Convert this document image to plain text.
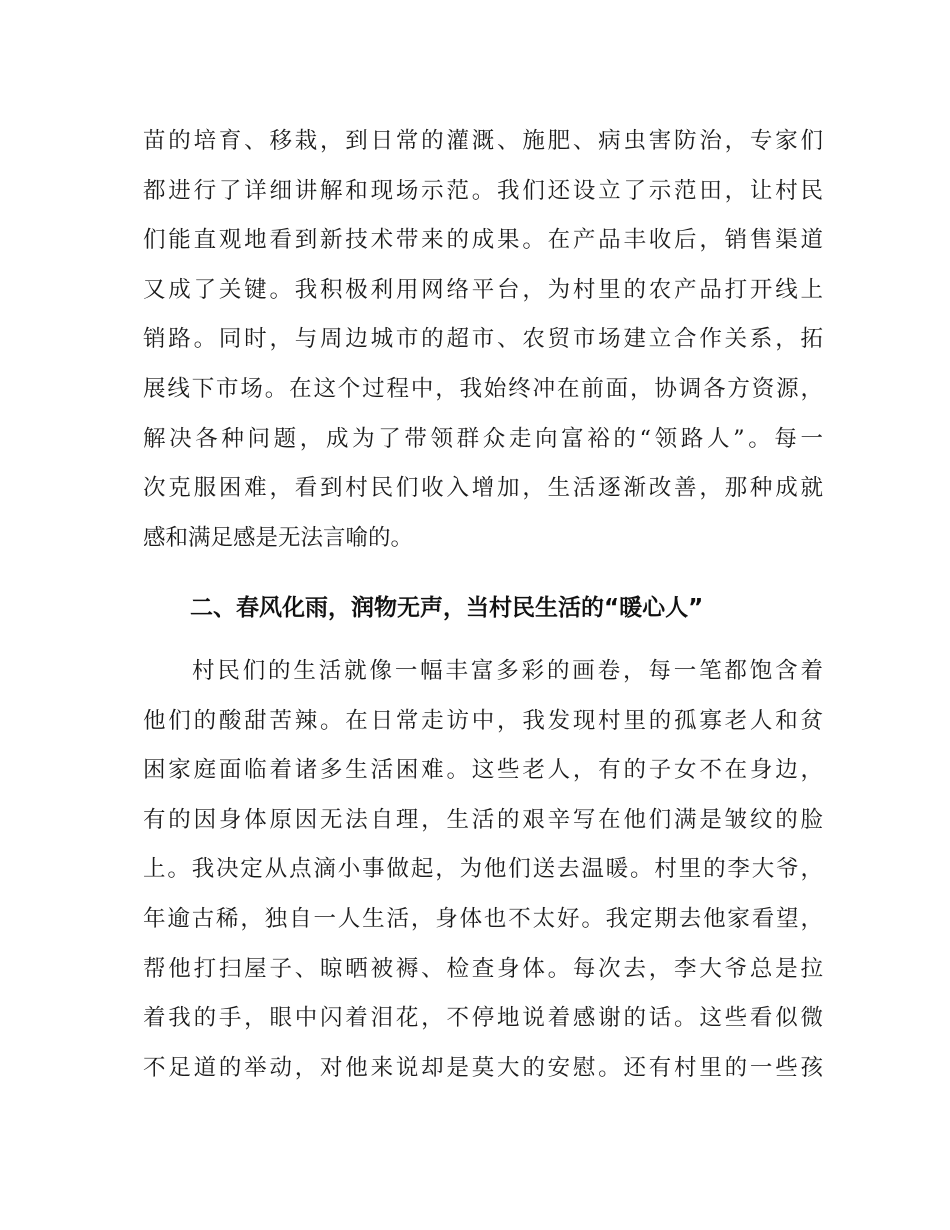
苗的培育、移栽，到日常的灌溉、施肥、病虫害防治，专家们
都进行了详细讲解和现场示范。我们还设立了示范田，让村民
们能直观地看到新技术带来的成果。在产品丰收后，销售渠道
又成了关键。我积极利用网络平台，为村里的农产品打开线上
销路。同时，与周边城市的超市、农贸市场建立合作关系，拓
展线下市场。在这个过程中，我始终冲在前面，协调各方资源，
解决各种问题，成为了带领群众走向富裕的“领路人”。每一
次克服困难，看到村民们收入增加，生活逐渐改善，那种成就
感和满足感是无法言喻的。
二、春风化雨，润物无声，当村民生活的“暖心人”
村民们的生活就像一幅丰富多彩的画卷，每一笔都饱含着
他们的酸甜苦辣。在日常走访中，我发现村里的孤寡老人和贫
困家庭面临着诸多生活困难。这些老人，有的子女不在身边，
有的因身体原因无法自理，生活的艰辛写在他们满是皱纹的脸
上。我决定从点滴小事做起，为他们送去温暖。村里的李大爷，
年逾古稀，独自一人生活，身体也不太好。我定期去他家看望，
帮他打扫屋子、晾晒被褥、检查身体。每次去，李大爷总是拉
着我的手，眼中闪着泪花，不停地说着感谢的话。这些看似微
不足道的举动，对他来说却是莫大的安慰。还有村里的一些孩
